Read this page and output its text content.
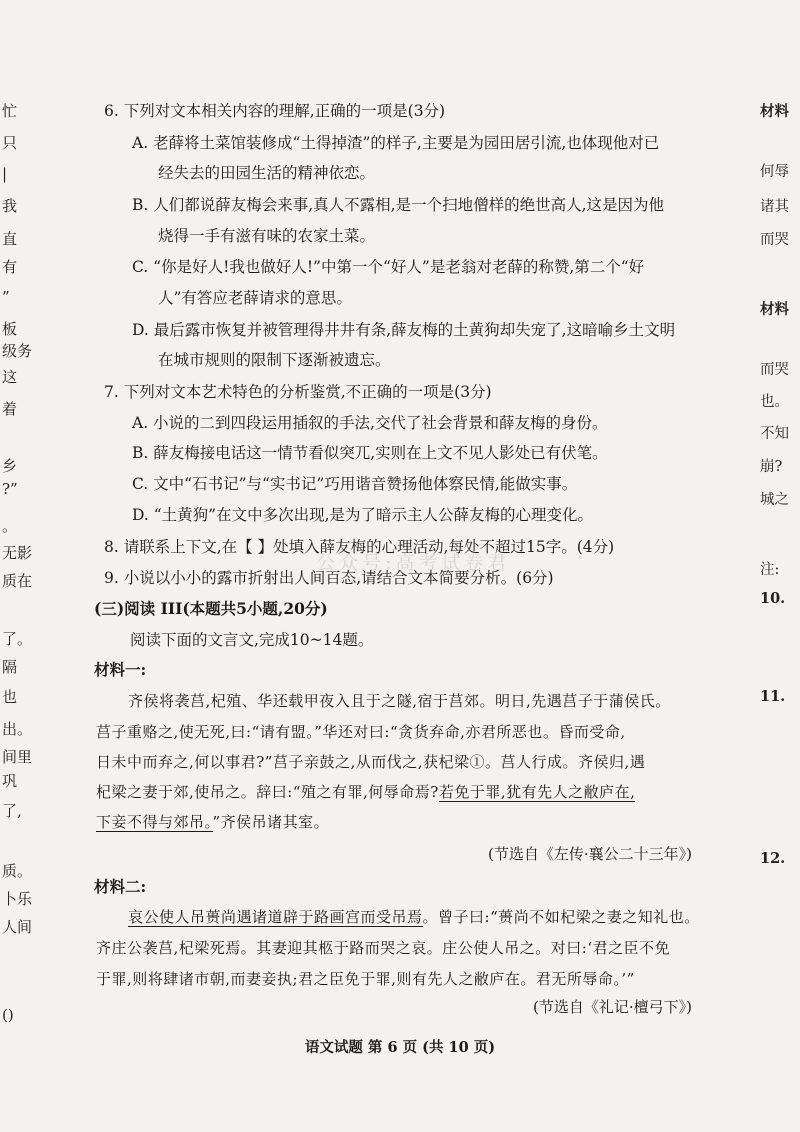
忙
只
|
我
直
有
”
板
级务
这
着
乡
?”
。
无影
质在
了。
隔
也
出。
间里
巩
了,
质。
卜乐
人间
()
材料
何辱
诸其
而哭
材料
而哭
也。
不知
崩?
城之
注:
10.
11.
12.
6. 下列对文本相关内容的理解,正确的一项是(3分)
A. 老薛将土菜馆装修成“土得掉渣”的样子,主要是为园田居引流,也体现他对已
经失去的田园生活的精神依恋。
B. 人们都说薛友梅会来事,真人不露相,是一个扫地僧样的绝世高人,这是因为他
烧得一手有滋有味的农家土菜。
C. “你是好人!我也做好人!”中第一个“好人”是老翁对老薛的称赞,第二个“好
人”有答应老薛请求的意思。
D. 最后露市恢复并被管理得井井有条,薛友梅的土黄狗却失宠了,这暗喻乡土文明
在城市规则的限制下逐渐被遗忘。
7. 下列对文本艺术特色的分析鉴赏,不正确的一项是(3分)
A. 小说的二到四段运用插叙的手法,交代了社会背景和薛友梅的身份。
B. 薛友梅接电话这一情节看似突兀,实则在上文不见人影处已有伏笔。
C. 文中“石书记”与“实书记”巧用谐音赞扬他体察民情,能做实事。
D. “土黄狗”在文中多次出现,是为了暗示主人公薛友梅的心理变化。
8. 请联系上下文,在【 】处填入薛友梅的心理活动,每处不超过15字。(4分)
9. 小说以小小的露市折射出人间百态,请结合文本简要分析。(6分)
公众号:高考试卷君
(三)阅读 III(本题共5小题,20分)
阅读下面的文言文,完成10~14题。
材料一:
齐侯将袭莒,杞殖、华还载甲夜入且于之隧,宿于莒郊。明日,先遇莒子于蒲侯氏。
莒子重赂之,使无死,曰:“请有盟。”华还对曰:“贪货弃命,亦君所恶也。昏而受命,
日未中而弃之,何以事君?”莒子亲鼓之,从而伐之,获杞梁①。莒人行成。齐侯归,遇
杞梁之妻于郊,使吊之。辞曰:“殖之有罪,何辱命焉?若免于罪,犹有先人之敝庐在,
下妾不得与郊吊。”齐侯吊诸其室。
(节选自《左传·襄公二十三年》)
材料二:
哀公使人吊蒉尚遇诸道辟于路画宫而受吊焉。曾子曰:“蒉尚不如杞梁之妻之知礼也。
齐庄公袭莒,杞梁死焉。其妻迎其柩于路而哭之哀。庄公使人吊之。对曰:‘君之臣不免
于罪,则将肆诸市朝,而妻妾执;君之臣免于罪,则有先人之敝庐在。君无所辱命。’”
(节选自《礼记·檀弓下》)
语文试题 第 6 页 (共 10 页)
